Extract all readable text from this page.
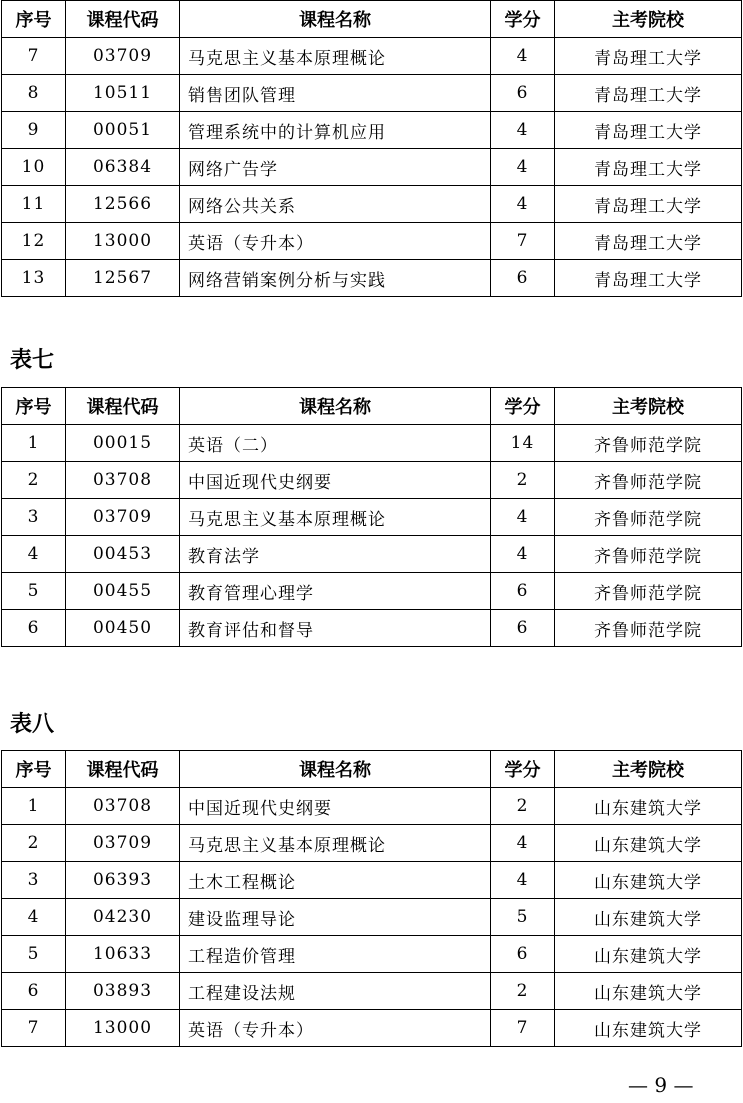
序号	课程代码	课程名称	学分	主考院校
7	03709	马克思主义基本原理概论	4	青岛理工大学
8	10511	销售团队管理	6	青岛理工大学
9	00051	管理系统中的计算机应用	4	青岛理工大学
10	06384	网络广告学	4	青岛理工大学
11	12566	网络公共关系	4	青岛理工大学
12	13000	英语（专升本）	7	青岛理工大学
13	12567	网络营销案例分析与实践	6	青岛理工大学
表七
序号	课程代码	课程名称	学分	主考院校
1	00015	英语（二）	14	齐鲁师范学院
2	03708	中国近现代史纲要	2	齐鲁师范学院
3	03709	马克思主义基本原理概论	4	齐鲁师范学院
4	00453	教育法学	4	齐鲁师范学院
5	00455	教育管理心理学	6	齐鲁师范学院
6	00450	教育评估和督导	6	齐鲁师范学院
表八
序号	课程代码	课程名称	学分	主考院校
1	03708	中国近现代史纲要	2	山东建筑大学
2	03709	马克思主义基本原理概论	4	山东建筑大学
3	06393	土木工程概论	4	山东建筑大学
4	04230	建设监理导论	5	山东建筑大学
5	10633	工程造价管理	6	山东建筑大学
6	03893	工程建设法规	2	山东建筑大学
7	13000	英语（专升本）	7	山东建筑大学
— 9 —
